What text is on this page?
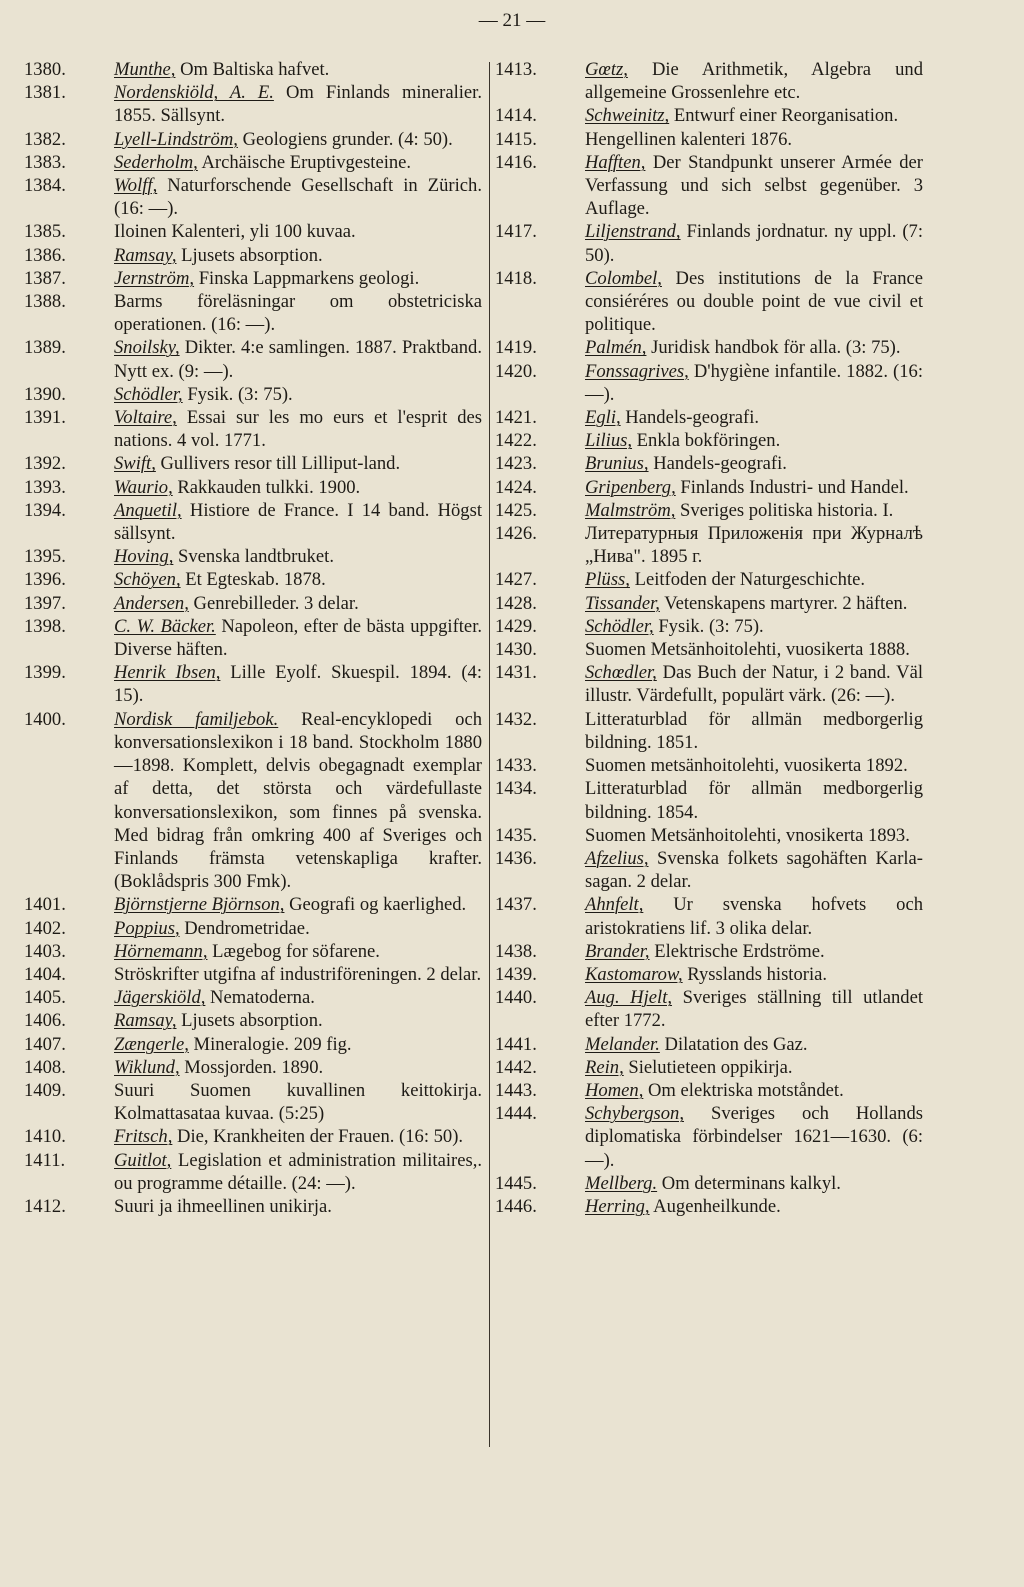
— 21 —
1380.	Munthe, Om Baltiska hafvet.
1381.	Nordenskiöld, A. E. Om Finlands mineralier. 1855. Sällsynt.
1382.	Lyell-Lindström, Geologiens grunder. (4: 50).
1383.	Sederholm, Archäische Eruptivgesteine.
1384.	Wolff, Naturforschende Gesellschaft in Zürich. (16: —).
1385.	Iloinen Kalenteri, yli 100 kuvaa.
1386.	Ramsay, Ljusets absorption.
1387.	Jernström, Finska Lappmarkens geologi.
1388.	Barms föreläsningar om obstetriciska operationen. (16: —).
1389.	Snoilsky, Dikter. 4:e samlingen. 1887. Praktband. Nytt ex. (9: —).
1390.	Schödler, Fysik. (3: 75).
1391.	Voltaire, Essai sur les mo eurs et l'esprit des nations. 4 vol. 1771.
1392.	Swift, Gullivers resor till Lilliput-land.
1393.	Waurio, Rakkauden tulkki. 1900.
1394.	Anquetil, Histiore de France. I 14 band. Högst sällsynt.
1395.	Hoving, Svenska landtbruket.
1396.	Schöyen, Et Egteskab. 1878.
1397.	Andersen, Genrebilleder. 3 delar.
1398.	C. W. Bäcker. Napoleon, efter de bästa uppgifter. Diverse häften.
1399.	Henrik Ibsen, Lille Eyolf. Skuespil. 1894. (4: 15).
1400.	Nordisk familjebok. Real-encyklopedi och konversationslexikon i 18 band. Stockholm 1880—1898. Komplett, delvis obegagnadt exemplar af detta, det största och värdefullaste konversationslexikon, som finnes på svenska. Med bidrag från omkring 400 af Sveriges och Finlands främsta vetenskapliga krafter. (Boklådspris 300 Fmk).
1401.	Björnstjerne Björnson, Geografi og kaerlighed.
1402.	Poppius, Dendrometridae.
1403.	Hörnemann, Lægebog for söfarene.
1404.	Ströskrifter utgifna af industriföreningen. 2 delar.
1405.	Jägerskiöld, Nematoderna.
1406.	Ramsay, Ljusets absorption.
1407.	Zængerle, Mineralogie. 209 fig.
1408.	Wiklund, Mossjorden. 1890.
1409.	Suuri Suomen kuvallinen keittokirja. Kolmattasataa kuvaa. (5:25)
1410.	Fritsch, Die, Krankheiten der Frauen. (16: 50).
1411.	Guitlot, Legislation et administration militaires,. ou programme détaille. (24: —).
1412.	Suuri ja ihmeellinen unikirja.
1413.	Gœtz, Die Arithmetik, Algebra und allgemeine Grossenlehre etc.
1414.	Schweinitz, Entwurf einer Reorganisation.
1415.	Hengellinen kalenteri 1876.
1416.	Hafften, Der Standpunkt unserer Armée der Verfassung und sich selbst gegenüber. 3 Auflage.
1417.	Liljenstrand, Finlands jordnatur. ny uppl. (7: 50).
1418.	Colombel, Des institutions de la France consiéréres ou double point de vue civil et politique.
1419.	Palmén, Juridisk handbok för alla. (3: 75).
1420.	Fonssagrives, D'hygiène infantile. 1882. (16: —).
1421.	Egli, Handels-geografi.
1422.	Lilius, Enkla bokföringen.
1423.	Brunius, Handels-geografi.
1424.	Gripenberg, Finlands Industri- und Handel.
1425.	Malmström, Sveriges politiska historia. I.
1426.	Литературныя Приложенія при Журналѣ „Нива". 1895 г.
1427.	Plüss, Leitfoden der Naturgeschichte.
1428.	Tissander, Vetenskapens martyrer. 2 häften.
1429.	Schödler, Fysik. (3: 75).
1430.	Suomen Metsänhoitolehti, vuosikerta 1888.
1431.	Schœdler, Das Buch der Natur, i 2 band. Väl illustr. Värdefullt, populärt värk. (26: —).
1432.	Litteraturblad för allmän medborgerlig bildning. 1851.
1433.	Suomen metsänhoitolehti, vuosikerta 1892.
1434.	Litteraturblad för allmän medborgerlig bildning. 1854.
1435.	Suomen Metsänhoitolehti, vnosikerta 1893.
1436.	Afzelius, Svenska folkets sagohäften Karla-sagan. 2 delar.
1437.	Ahnfelt, Ur svenska hofvets och aristokratiens lif. 3 olika delar.
1438.	Brander, Elektrische Erdströme.
1439.	Kastomarow, Rysslands historia.
1440.	Aug. Hjelt, Sveriges ställning till utlandet efter 1772.
1441.	Melander. Dilatation des Gaz.
1442.	Rein, Sielutieteen oppikirja.
1443.	Homen, Om elektriska motståndet.
1444.	Schybergson, Sveriges och Hollands diplomatiska förbindelser 1621—1630. (6: —).
1445.	Mellberg. Om determinans kalkyl.
1446.	Herring, Augenheilkunde.
